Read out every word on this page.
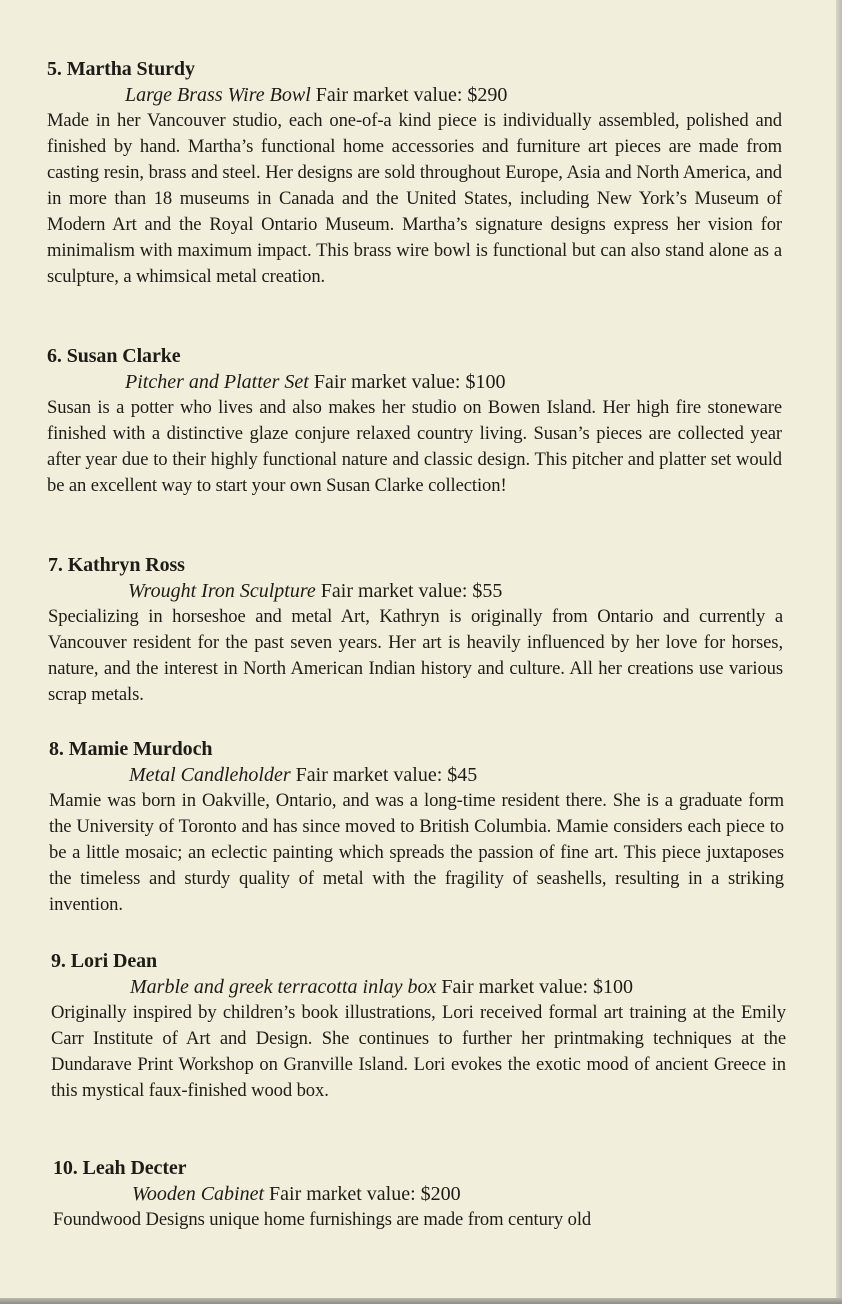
5. Martha Sturdy

Large Brass Wire Bowl Fair market value: $290

Made in her Vancouver studio, each one-of-a kind piece is individually assembled, polished and finished by hand. Martha’s functional home accessories and furniture art pieces are made from casting resin, brass and steel. Her designs are sold throughout Europe, Asia and North America, and in more than 18 museums in Canada and the United States, including New York’s Museum of Modern Art and the Royal Ontario Museum. Martha’s signature designs express her vision for minimalism with maximum impact. This brass wire bowl is functional but can also stand alone as a sculpture, a whimsical metal creation.

6. Susan Clarke

Pitcher and Platter Set Fair market value: $100

Susan is a potter who lives and also makes her studio on Bowen Island. Her high fire stoneware finished with a distinctive glaze conjure relaxed country living. Susan’s pieces are collected year after year due to their highly functional nature and classic design. This pitcher and platter set would be an excellent way to start your own Susan Clarke collection!

7. Kathryn Ross

Wrought Iron Sculpture Fair market value: $55

Specializing in horseshoe and metal Art, Kathryn is originally from Ontario and currently a Vancouver resident for the past seven years. Her art is heavily influenced by her love for horses, nature, and the interest in North American Indian history and culture. All her creations use various scrap metals.

8. Mamie Murdoch

Metal Candleholder Fair market value: $45

Mamie was born in Oakville, Ontario, and was a long-time resident there. She is a graduate form the University of Toronto and has since moved to British Columbia. Mamie considers each piece to be a little mosaic; an eclectic painting which spreads the passion of fine art. This piece juxtaposes the timeless and sturdy quality of metal with the fragility of seashells, resulting in a striking invention.

9. Lori Dean

Marble and greek terracotta inlay box Fair market value: $100

Originally inspired by children’s book illustrations, Lori received formal art training at the Emily Carr Institute of Art and Design. She continues to further her printmaking techniques at the Dundarave Print Workshop on Granville Island. Lori evokes the exotic mood of ancient Greece in this mystical faux-finished wood box.

10. Leah Decter

Wooden Cabinet Fair market value: $200

Foundwood Designs unique home furnishings are made from century old
